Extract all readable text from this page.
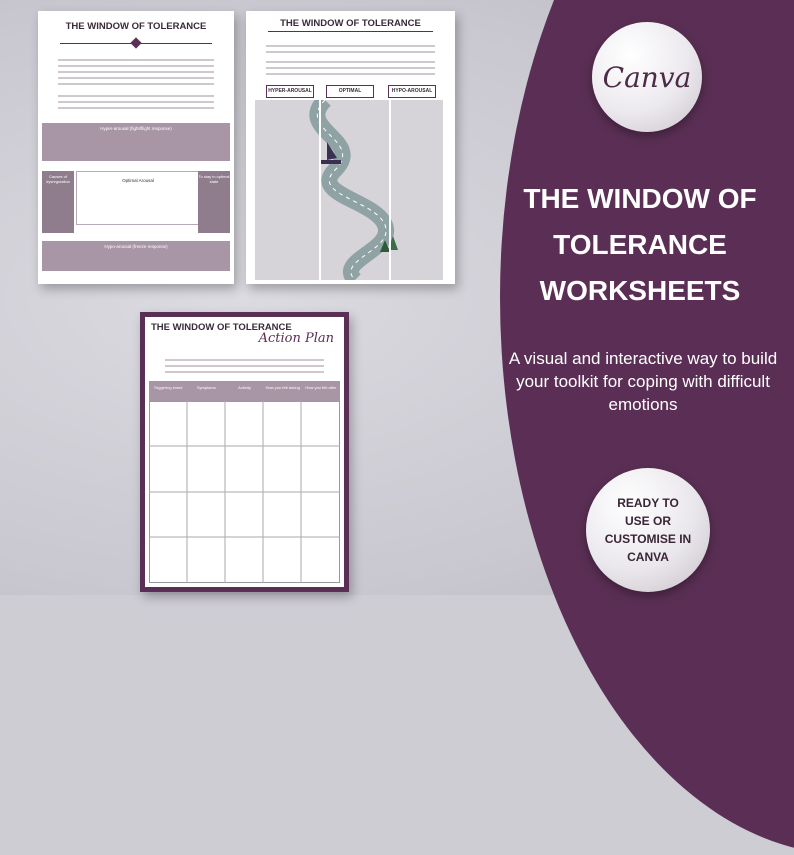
THE WINDOW OF TOLERANCE
Hyper-arousal (fight/flight response)
Optimal Arousal
Causes of dysregulation
To stay in optimal state
Hypo-arousal (freeze response)
THE WINDOW OF TOLERANCE
HYPER-AROUSAL	OPTIMAL	HYPO-AROUSAL
THE WINDOW OF TOLERANCE
Action Plan
Triggering event	Symptoms	Activity	How you felt during	How you felt after
Canva
THE WINDOW OF
TOLERANCE
WORKSHEETS
A visual and interactive way to build your toolkit for coping with difficult emotions
READY TO
USE OR
CUSTOMISE IN
CANVA
